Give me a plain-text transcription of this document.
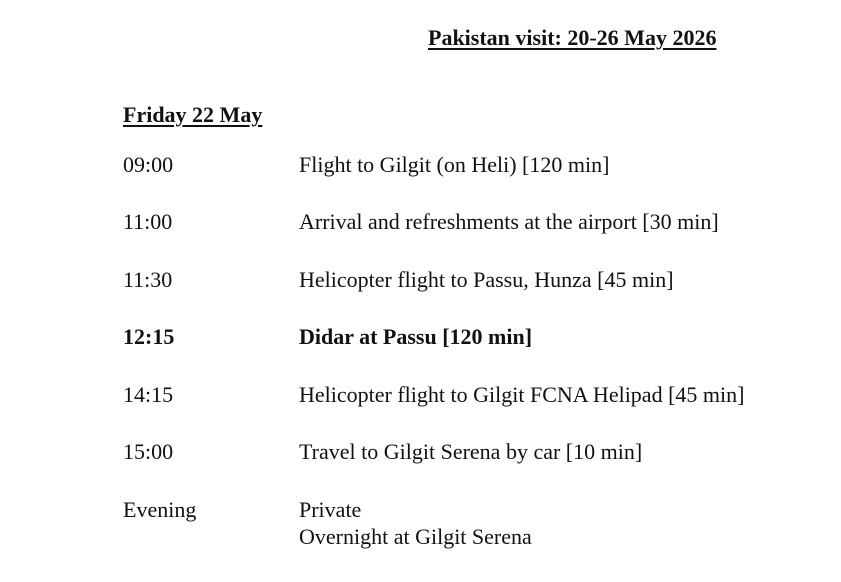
Pakistan visit: 20-26 May 2026
Friday 22 May
09:00	Flight to Gilgit (on Heli) [120 min]
11:00	Arrival and refreshments at the airport [30 min]
11:30	Helicopter flight to Passu, Hunza [45 min]
12:15	Didar at Passu [120 min]
14:15	Helicopter flight to Gilgit FCNA Helipad [45 min]
15:00	Travel to Gilgit Serena by car [10 min]
Evening	Private
Overnight at Gilgit Serena
